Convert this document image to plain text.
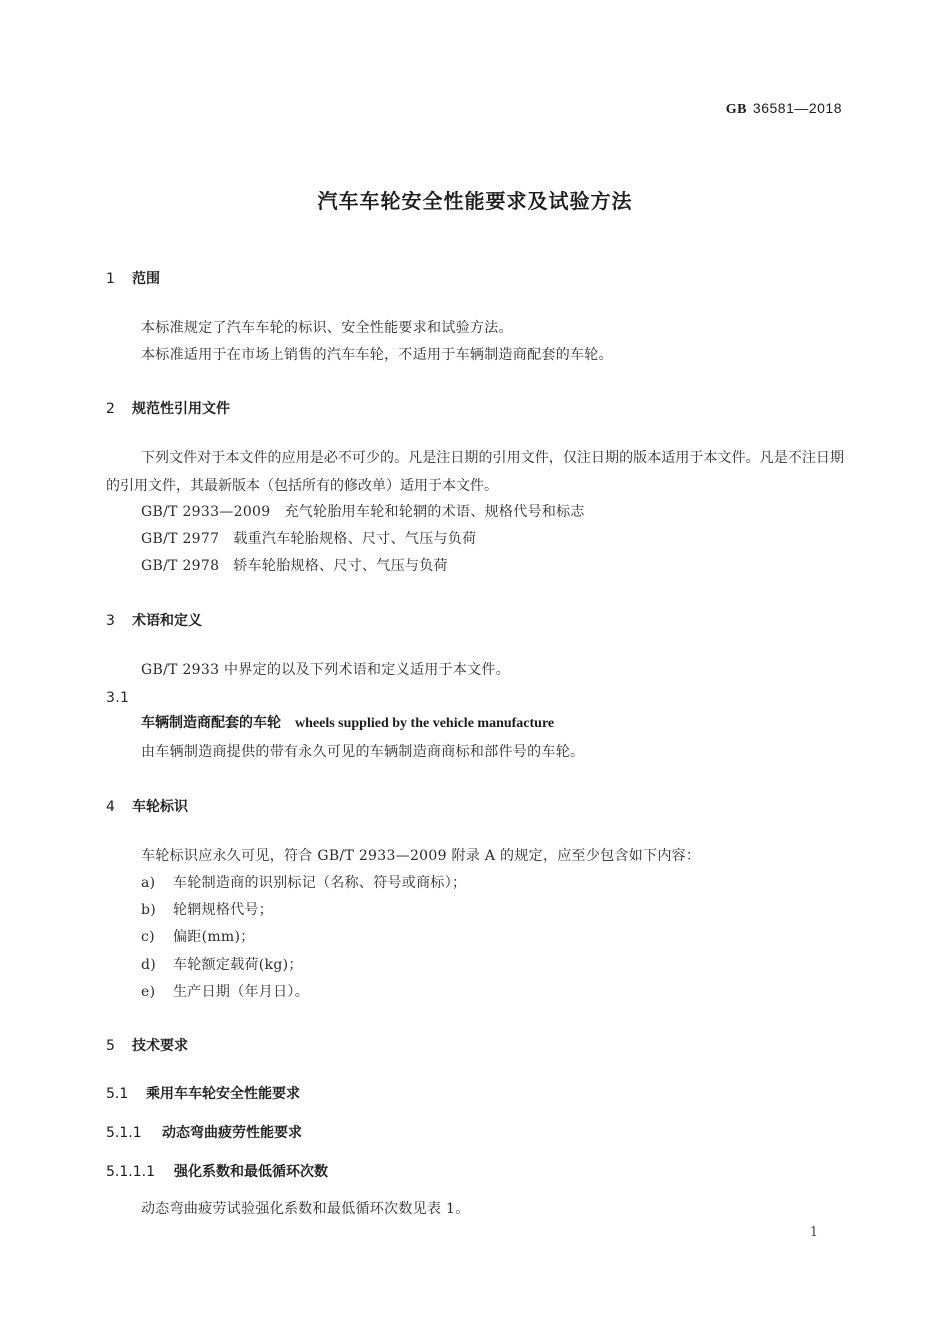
GB 36581—2018
汽车车轮安全性能要求及试验方法
1 范围
本标准规定了汽车车轮的标识、安全性能要求和试验方法。
本标准适用于在市场上销售的汽车车轮，不适用于车辆制造商配套的车轮。
2 规范性引用文件
下列文件对于本文件的应用是必不可少的。凡是注日期的引用文件，仅注日期的版本适用于本文件。凡是不注日期的引用文件，其最新版本（包括所有的修改单）适用于本文件。
GB/T 2933—2009 充气轮胎用车轮和轮辋的术语、规格代号和标志
GB/T 2977 载重汽车轮胎规格、尺寸、气压与负荷
GB/T 2978 轿车轮胎规格、尺寸、气压与负荷
3 术语和定义
GB/T 2933 中界定的以及下列术语和定义适用于本文件。
3.1
车辆制造商配套的车轮 wheels supplied by the vehicle manufacture
由车辆制造商提供的带有永久可见的车辆制造商商标和部件号的车轮。
4 车轮标识
车轮标识应永久可见，符合 GB/T 2933—2009 附录 A 的规定，应至少包含如下内容：
a) 车轮制造商的识别标记（名称、符号或商标）；
b) 轮辋规格代号；
c) 偏距(mm)；
d) 车轮额定载荷(kg)；
e) 生产日期（年月日）。
5 技术要求
5.1 乘用车车轮安全性能要求
5.1.1 动态弯曲疲劳性能要求
5.1.1.1 强化系数和最低循环次数
动态弯曲疲劳试验强化系数和最低循环次数见表 1。
1
